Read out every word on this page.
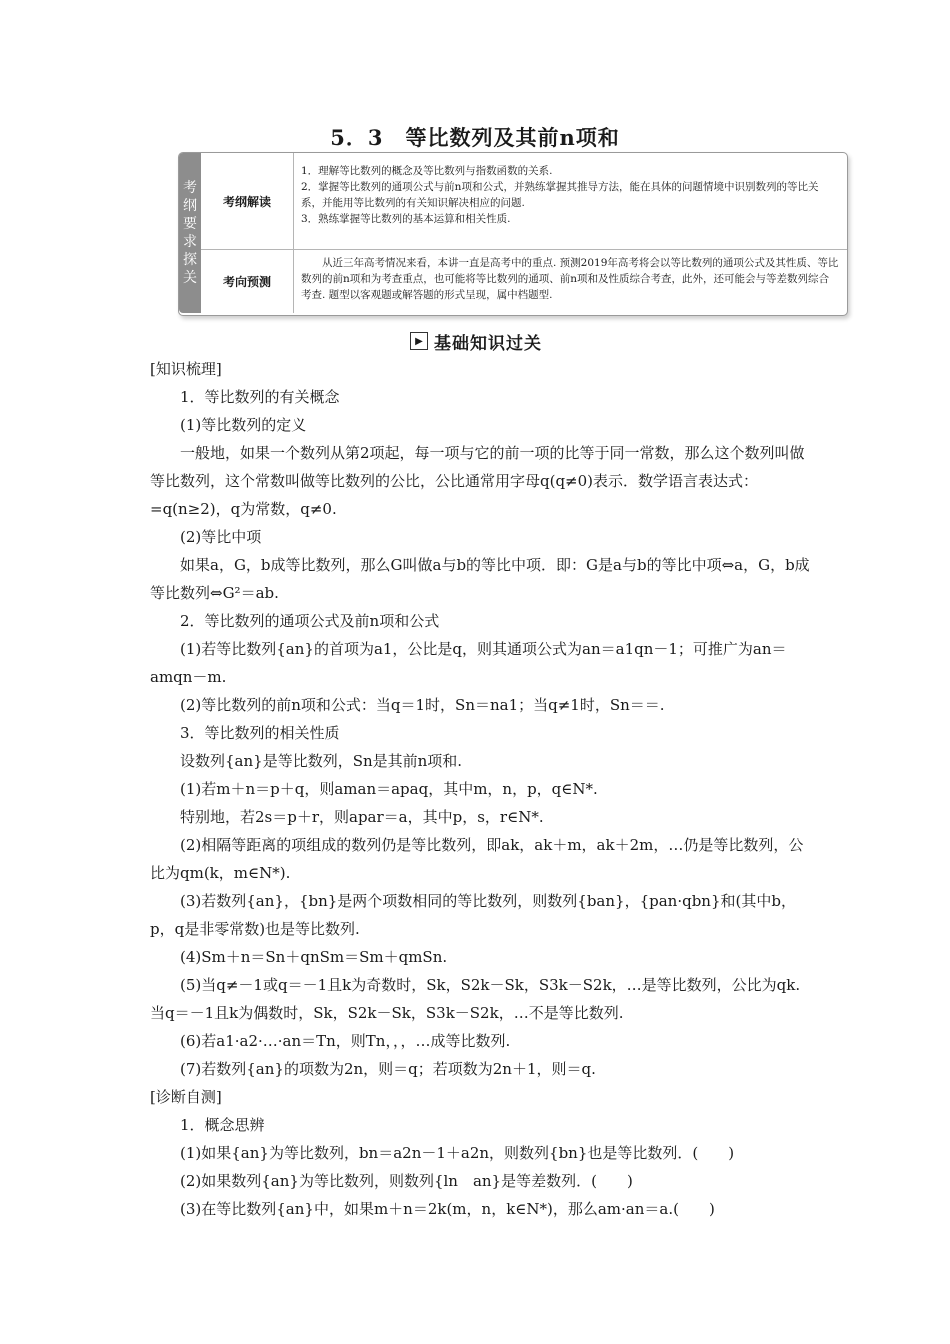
5．3　等比数列及其前n项和
考
纲
要
求
探
关
考纲解读
1．理解等比数列的概念及等比数列与指数函数的关系.
2．掌握等比数列的通项公式与前n项和公式，并熟练掌握其推导方法，能在具体的问题情境中识别数列的等比关系，并能用等比数列的有关知识解决相应的问题.
3．熟练掌握等比数列的基本运算和相关性质.
考向预测
从近三年高考情况来看，本讲一直是高考中的重点. 预测2019年高考将会以等比数列的通项公式及其性质、等比数列的前n项和为考查重点，也可能将等比数列的通项、前n项和及性质综合考查，此外，还可能会与等差数列综合考查. 题型以客观题或解答题的形式呈现，属中档题型.
▶ 基础知识过关

[知识梳理]

1．等比数列的有关概念

(1)等比数列的定义

一般地，如果一个数列从第2项起，每一项与它的前一项的比等于同一常数，那么这个数列叫做等比数列，这个常数叫做等比数列的公比，公比通常用字母q(q≠0)表示．数学语言表达式：=q(n≥2)，q为常数，q≠0.

(2)等比中项

如果a，G，b成等比数列，那么G叫做a与b的等比中项．即：G是a与b的等比中项⇔a，G，b成等比数列⇔G²＝ab.

2．等比数列的通项公式及前n项和公式

(1)若等比数列{an}的首项为a1，公比是q，则其通项公式为an＝a1qn－1；可推广为an＝amqn－m.

(2)等比数列的前n项和公式：当q＝1时，Sn＝na1；当q≠1时，Sn＝＝.

3．等比数列的相关性质

设数列{an}是等比数列，Sn是其前n项和.

(1)若m＋n＝p＋q，则aman＝apaq，其中m，n，p，q∈N*.

特别地，若2s＝p＋r，则apar＝a，其中p，s，r∈N*.

(2)相隔等距离的项组成的数列仍是等比数列，即ak，ak＋m，ak＋2m，…仍是等比数列，公比为qm(k，m∈N*).

(3)若数列{an}，{bn}是两个项数相同的等比数列，则数列{ban}，{pan·qbn}和(其中b，p，q是非零常数)也是等比数列.

(4)Sm＋n＝Sn＋qnSm＝Sm＋qmSn.

(5)当q≠－1或q＝－1且k为奇数时，Sk，S2k－Sk，S3k－S2k，…是等比数列，公比为qk.当q＝－1且k为偶数时，Sk，S2k－Sk，S3k－S2k，…不是等比数列.

(6)若a1·a2·…·an＝Tn，则Tn，，，…成等比数列.

(7)若数列{an}的项数为2n，则＝q；若项数为2n＋1，则＝q.

[诊断自测]

1．概念思辨

(1)如果{an}为等比数列，bn＝a2n－1＋a2n，则数列{bn}也是等比数列．(　　)

(2)如果数列{an}为等比数列，则数列{ln　an}是等差数列．(　　)

(3)在等比数列{an}中，如果m＋n＝2k(m，n，k∈N*)，那么am·an＝a.(　　)
